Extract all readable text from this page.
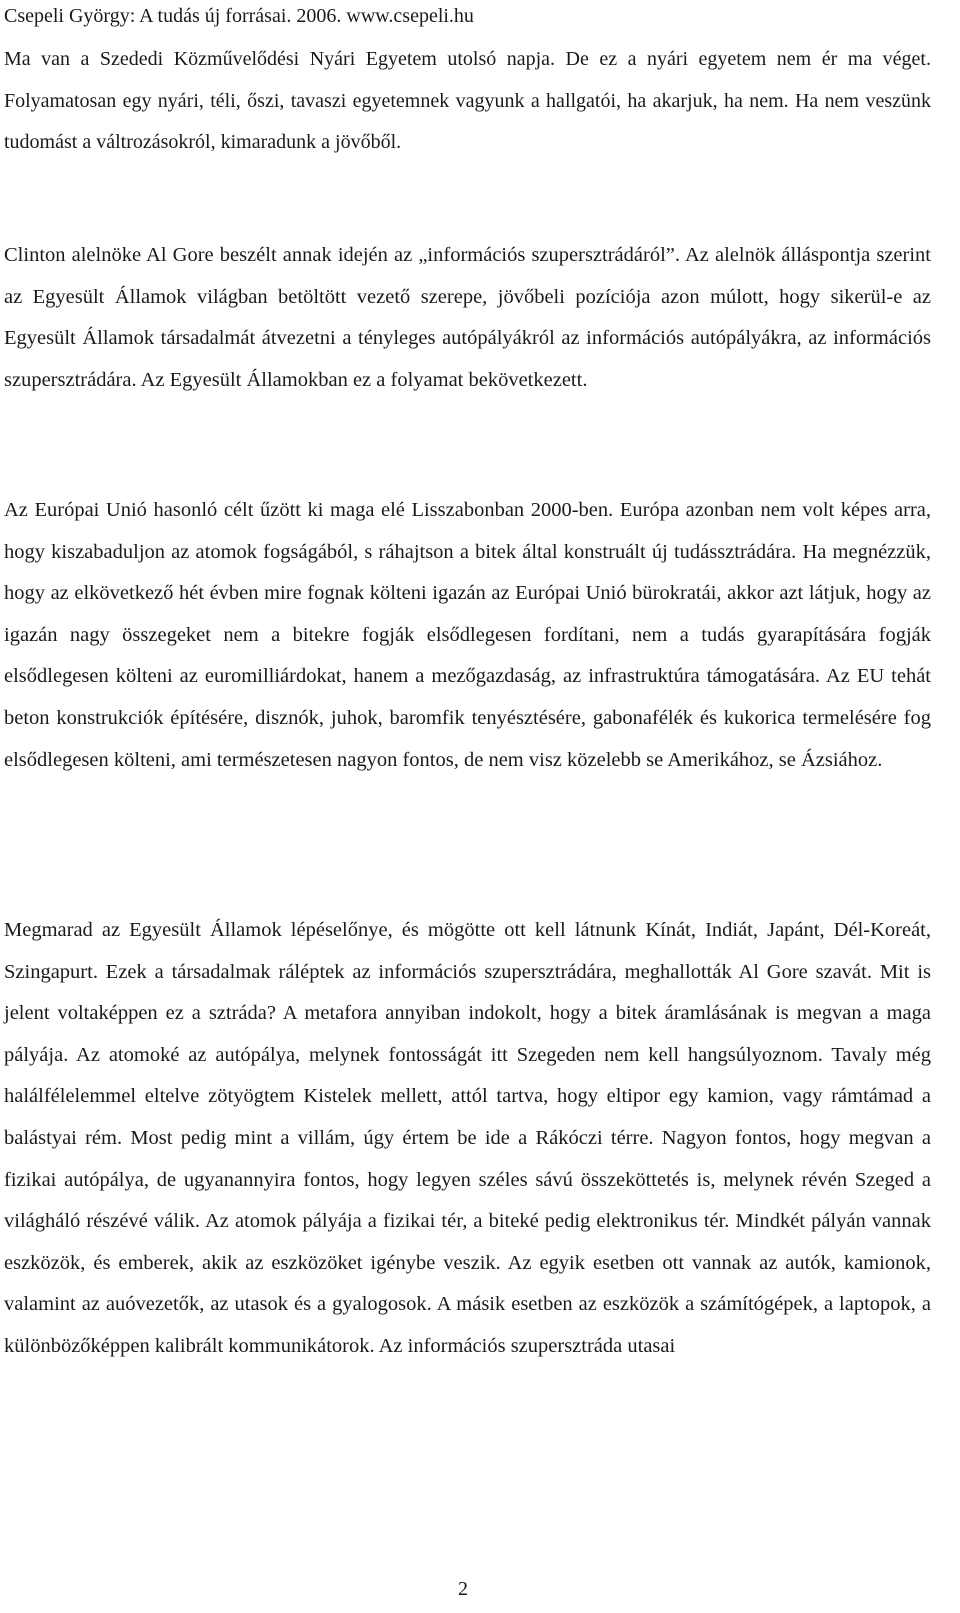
Csepeli György: A tudás új forrásai. 2006. www.csepeli.hu

Ma van a Szededi Közművelődési Nyári Egyetem utolsó napja. De ez a nyári egyetem nem ér ma véget. Folyamatosan egy nyári, téli, őszi, tavaszi egyetemnek vagyunk a hallgatói, ha akarjuk, ha nem. Ha nem veszünk tudomást a váltrozásokról, kimaradunk a jövőből.

Clinton alelnöke Al Gore beszélt annak idején az „információs szupersztrádáról”. Az alelnök álláspontja szerint az Egyesült Államok világban betöltött vezető szerepe, jövőbeli pozíciója azon múlott, hogy sikerül-e az Egyesült Államok társadalmát átvezetni a tényleges autópályákról az információs autópályákra, az információs szupersztrádára. Az Egyesült Államokban ez a folyamat bekövetkezett.

Az Európai Unió hasonló célt űzött ki maga elé Lisszabonban 2000-ben. Európa azonban nem volt képes arra, hogy kiszabaduljon az atomok fogságából, s ráhajtson a bitek által konstruált új tudássztrádára. Ha megnézzük, hogy az elkövetkező hét évben mire fognak költeni igazán az Európai Unió bürokratái, akkor azt látjuk, hogy az igazán nagy összegeket nem a bitekre fogják elsődlegesen fordítani, nem a tudás gyarapítására fogják elsődlegesen költeni az euromilliárdokat, hanem a mezőgazdaság, az infrastruktúra támogatására. Az EU tehát beton konstrukciók építésére, disznók, juhok, baromfik tenyésztésére, gabonafélék és kukorica termelésére fog elsődlegesen költeni, ami természetesen nagyon fontos, de nem visz közelebb se Amerikához, se Ázsiához.

Megmarad az Egyesült Államok lépéselőnye, és mögötte ott kell látnunk Kínát, Indiát, Japánt, Dél-Koreát, Szingapurt. Ezek a társadalmak ráléptek az információs szupersztrádára, meghallották Al Gore szavát. Mit is jelent voltaképpen ez a sztráda? A metafora annyiban indokolt, hogy a bitek áramlásának is megvan a maga pályája. Az atomoké az autópálya, melynek fontosságát itt Szegeden nem kell hangsúlyoznom. Tavaly még halálfélelemmel eltelve zötyögtem Kistelek mellett, attól tartva, hogy eltipor egy kamion, vagy rámtámad a balástyai rém. Most pedig mint a villám, úgy értem be ide a Rákóczi térre. Nagyon fontos, hogy megvan a fizikai autópálya, de ugyanannyira fontos, hogy legyen széles sávú összeköttetés is, melynek révén Szeged a világháló részévé válik. Az atomok pályája a fizikai tér, a biteké pedig elektronikus tér. Mindkét pályán vannak eszközök, és emberek, akik az eszközöket igénybe veszik. Az egyik esetben ott vannak az autók, kamionok, valamint az auóvezetők, az utasok és a gyalogosok. A másik esetben az eszközök a számítógépek, a laptopok, a különbözőképpen kalibrált kommunikátorok. Az információs szupersztráda utasai

2
